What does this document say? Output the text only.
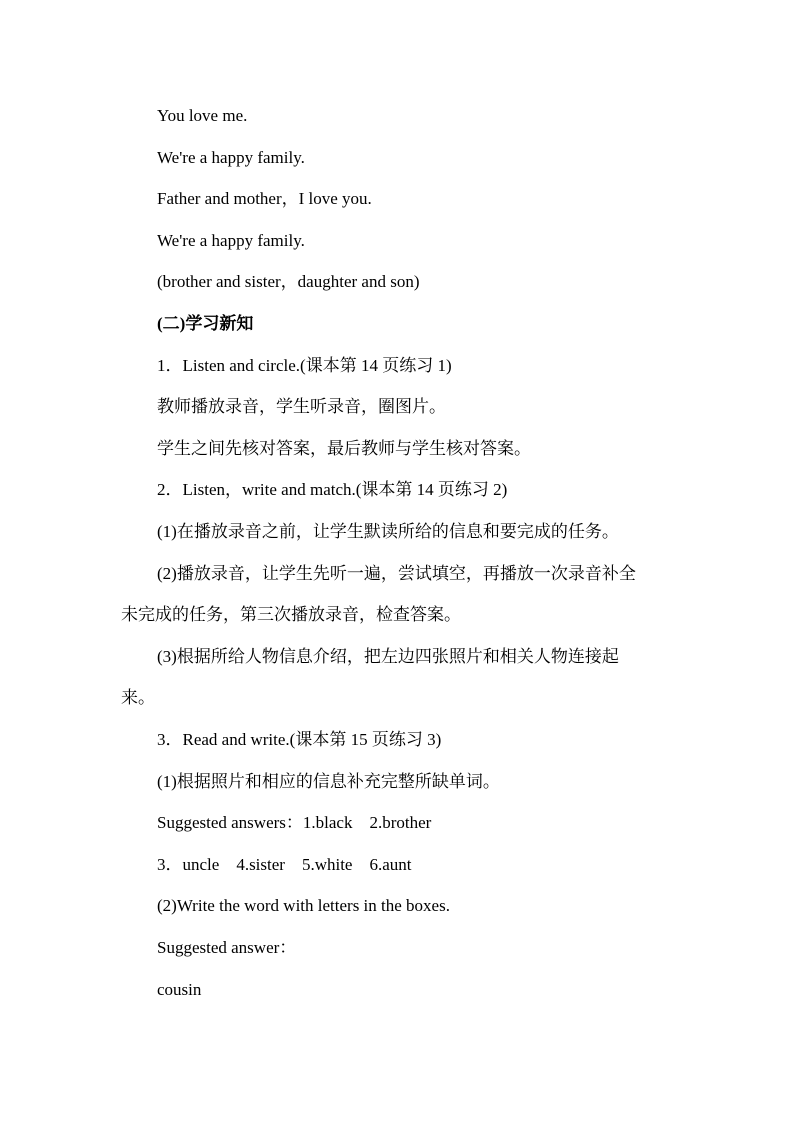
You love me.
We're a happy family.
Father and mother，I love you.
We're a happy family.
(brother and sister，daughter and son)
(二)学习新知
1．Listen and circle.(课本第 14 页练习 1)
教师播放录音，学生听录音，圈图片。
学生之间先核对答案，最后教师与学生核对答案。
2．Listen，write and match.(课本第 14 页练习 2)
(1)在播放录音之前，让学生默读所给的信息和要完成的任务。
(2)播放录音，让学生先听一遍，尝试填空，再播放一次录音补全
未完成的任务，第三次播放录音，检查答案。
(3)根据所给人物信息介绍，把左边四张照片和相关人物连接起
来。
3．Read and write.(课本第 15 页练习 3)
(1)根据照片和相应的信息补充完整所缺单词。
Suggested answers：1.black　2.brother
3．uncle　4.sister　5.white　6.aunt
(2)Write the word with letters in the boxes.
Suggested answer：
cousin
